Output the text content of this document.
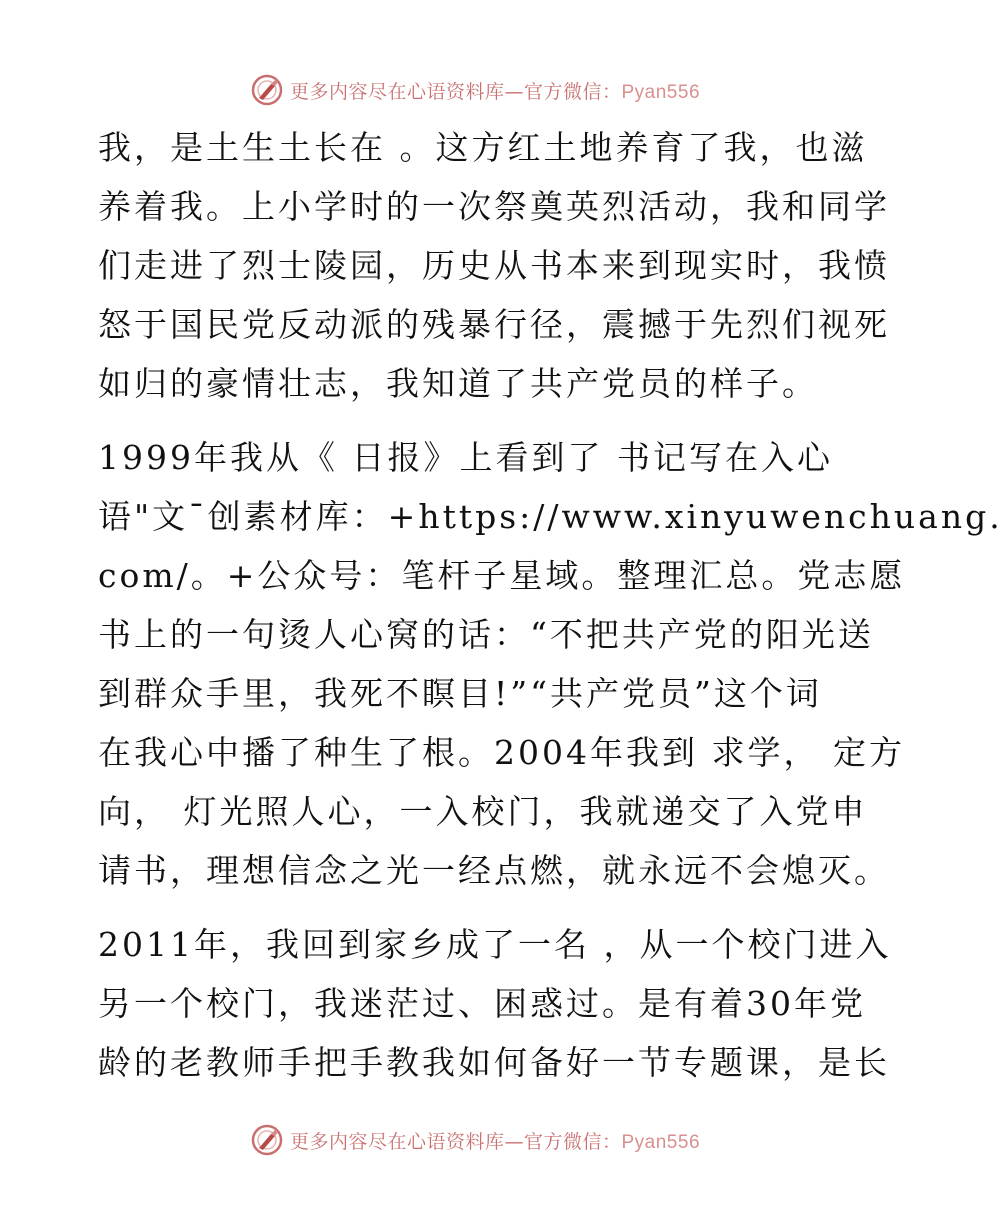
更多内容尽在心语资料库—官方微信：Pyan556
我，是土生土长在 。这方红土地养育了我，也滋
养着我。上小学时的一次祭奠英烈活动，我和同学
们走进了烈士陵园，历史从书本来到现实时，我愤
怒于国民党反动派的残暴行径，震撼于先烈们视死
如归的豪情壮志，我知道了共产党员的样子。
1999年我从《 日报》上看到了 书记写在入心
语"文¯创素材库：+https://www.xinyuwenchuang.
com/。+公众号：笔杆子星域。整理汇总。党志愿
书上的一句烫人心窝的话：“不把共产党的阳光送
到群众手里，我死不瞑目!”“共产党员”这个词
在我心中播了种生了根。2004年我到 求学， 定方
向， 灯光照人心，一入校门，我就递交了入党申
请书，理想信念之光一经点燃，就永远不会熄灭。
2011年，我回到家乡成了一名 ，从一个校门进入
另一个校门，我迷茫过、困惑过。是有着30年党
龄的老教师手把手教我如何备好一节专题课，是长
更多内容尽在心语资料库—官方微信：Pyan556
